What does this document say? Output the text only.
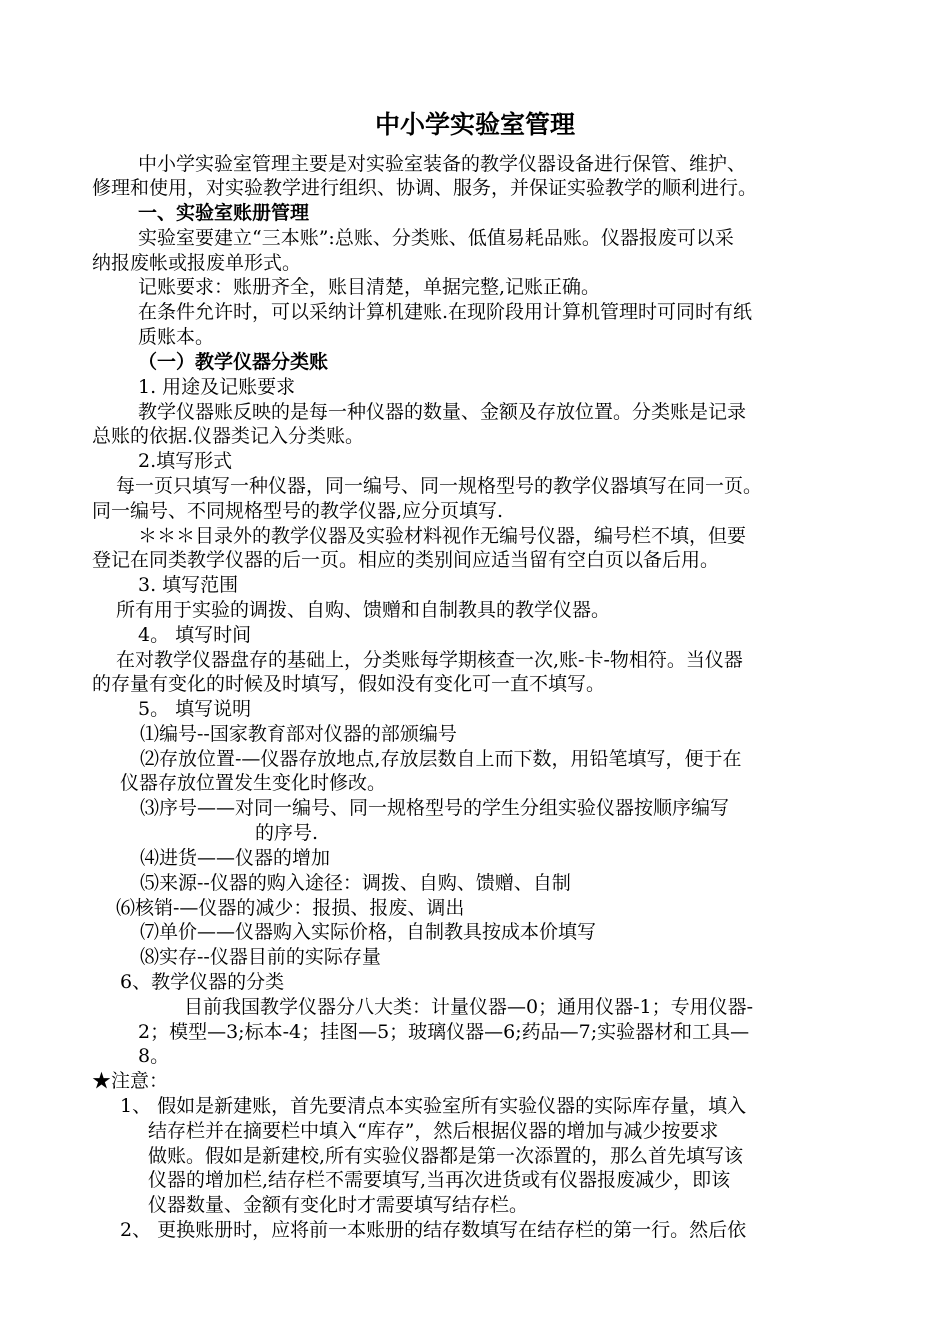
中小学实验室管理
中小学实验室管理主要是对实验室装备的教学仪器设备进行保管、维护、
修理和使用，对实验教学进行组织、协调、服务，并保证实验教学的顺利进行。
一、实验室账册管理
实验室要建立“三本账”:总账、分类账、低值易耗品账。仪器报废可以采
纳报废帐或报废单形式。
记账要求：账册齐全，账目清楚，单据完整,记账正确。
在条件允许时，可以采纳计算机建账.在现阶段用计算机管理时可同时有纸
质账本。
（一）教学仪器分类账
1. 用途及记账要求
教学仪器账反映的是每一种仪器的数量、金额及存放位置。分类账是记录
总账的依据.仪器类记入分类账。
2.填写形式
每一页只填写一种仪器，同一编号、同一规格型号的教学仪器填写在同一页。
同一编号、不同规格型号的教学仪器,应分页填写.
＊＊＊目录外的教学仪器及实验材料视作无编号仪器，编号栏不填，但要
登记在同类教学仪器的后一页。相应的类别间应适当留有空白页以备后用。
3. 填写范围
所有用于实验的调拨、自购、馈赠和自制教具的教学仪器。
4。 填写时间
在对教学仪器盘存的基础上，分类账每学期核查一次,账-卡-物相符。当仪器
的存量有变化的时候及时填写，假如没有变化可一直不填写。
5。 填写说明
⑴编号--国家教育部对仪器的部颁编号
⑵存放位置-—仪器存放地点,存放层数自上而下数，用铅笔填写，便于在
仪器存放位置发生变化时修改。
⑶序号——对同一编号、同一规格型号的学生分组实验仪器按顺序编写
的序号.
⑷进货——仪器的增加
⑸来源--仪器的购入途径：调拨、自购、馈赠、自制
⑹核销-—仪器的减少：报损、报废、调出
⑺单价——仪器购入实际价格，自制教具按成本价填写
⑻实存--仪器目前的实际存量
6、教学仪器的分类
目前我国教学仪器分八大类：计量仪器—0；通用仪器-1；专用仪器-
2；模型—3;标本-4；挂图—5；玻璃仪器—6;药品—7;实验器材和工具—
8。
★注意：
1、 假如是新建账，首先要清点本实验室所有实验仪器的实际库存量，填入
结存栏并在摘要栏中填入“库存”，然后根据仪器的增加与减少按要求
做账。假如是新建校,所有实验仪器都是第一次添置的，那么首先填写该
仪器的增加栏,结存栏不需要填写,当再次进货或有仪器报废减少，即该
仪器数量、金额有变化时才需要填写结存栏。
2、 更换账册时，应将前一本账册的结存数填写在结存栏的第一行。然后依
